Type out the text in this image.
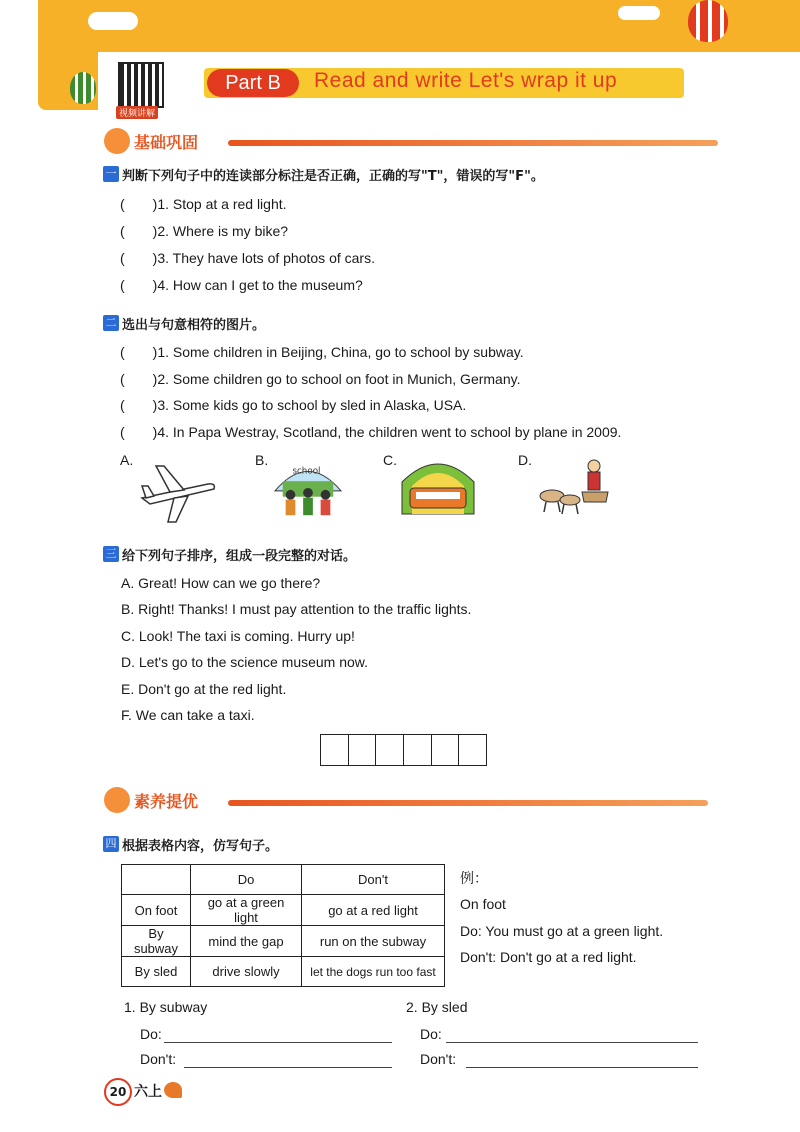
视频讲解
Part B	Read and write Let's wrap it up
基础巩固
一 判断下列句子中的连读部分标注是否正确，正确的写"T"，错误的写"F"。
(　　)1. Stop at a red light.
(　　)2. Where is my bike?
(　　)3. They have lots of photos of cars.
(　　)4. How can I get to the museum?
二 选出与句意相符的图片。
(　　)1. Some children in Beijing, China, go to school by subway.
(　　)2. Some children go to school on foot in Munich, Germany.
(　　)3. Some kids go to school by sled in Alaska, USA.
(　　)4. In Papa Westray, Scotland, the children went to school by plane in 2009.
A.	B.
school
C.	D.
三 给下列句子排序，组成一段完整的对话。
A. Great! How can we go there?
B. Right! Thanks! I must pay attention to the traffic lights.
C. Look! The taxi is coming. Hurry up!
D. Let's go to the science museum now.
E. Don't go at the red light.
F. We can take a taxi.
素养提优
四 根据表格内容，仿写句子。
	Do	Don't
On foot	go at a green light	go at a red light
By subway	mind the gap	run on the subway
By sled	drive slowly	let the dogs run too fast
例：
On foot
Do: You must go at a green light.
Don't: Don't go at a red light.
1. By subway
Do:
Don't:
2. By sled
Do:
Don't:
20 六上
